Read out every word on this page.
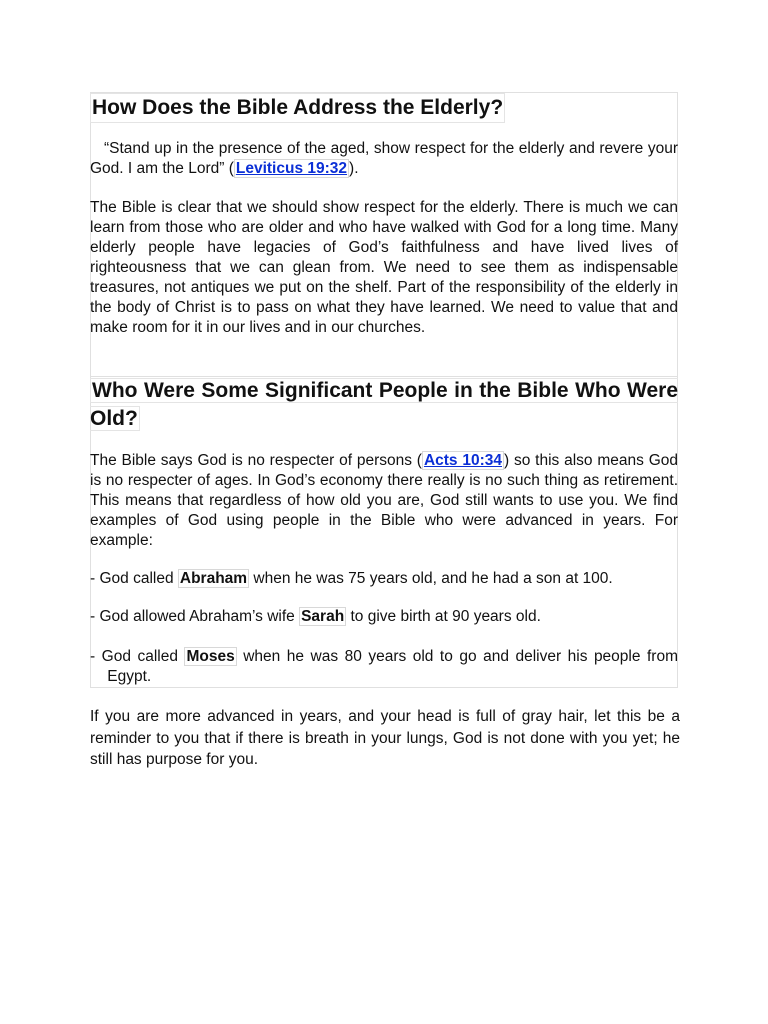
How Does the Bible Address the Elderly?

“Stand up in the presence of the aged, show respect for the elderly and revere your God. I am the Lord” ( Leviticus 19:32 ).

The Bible is clear that we should show respect for the elderly. There is much we can learn from those who are older and who have walked with God for a long time. Many elderly people have legacies of God’s faithfulness and have lived lives of righteousness that we can glean from. We need to see them as indispensable treasures, not antiques we put on the shelf. Part of the responsibility of the elderly in the body of Christ is to pass on what they have learned. We need to value that and make room for it in our lives and in our churches.

Who Were Some Significant People in the Bible Who Were Old?

The Bible says God is no respecter of persons ( Acts 10:34 ) so this also means God is no respecter of ages. In God’s economy there really is no such thing as retirement. This means that regardless of how old you are, God still wants to use you. We find examples of God using people in the Bible who were advanced in years. For example:

- God called Abraham when he was 75 years old, and he had a son at 100.

- God allowed Abraham’s wife Sarah to give birth at 90 years old.

- God called Moses when he was 80 years old to go and deliver his people from    Egypt.

If you are more advanced in years, and your head is full of gray hair, let this be a reminder to you that if there is breath in your lungs, God is not done with you yet; he still has purpose for you.
